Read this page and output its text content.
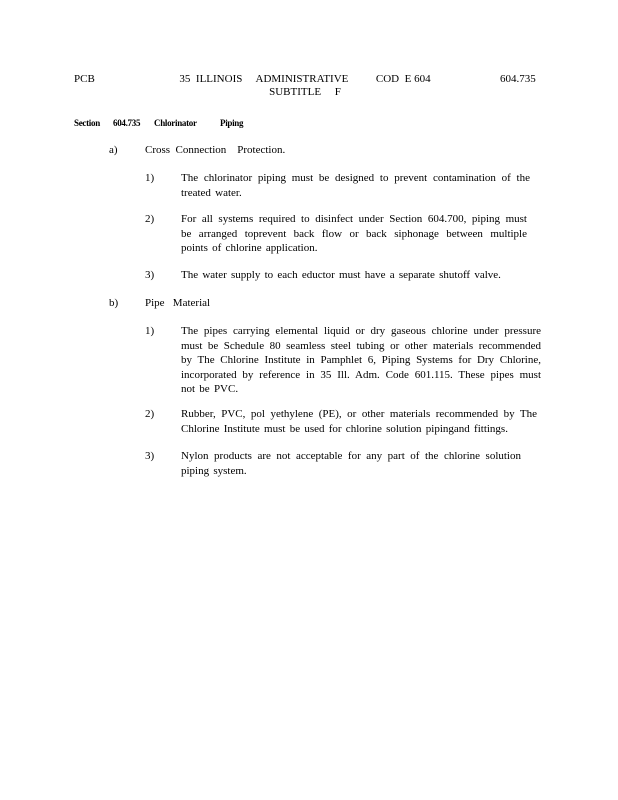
PCB	35  ILLINOIS     ADMINISTRATIVE          COD  E 604
SUBTITLE     F
604.735
Section 604.735 Chlorinator	Piping
a) Cross  Connection    Protection.
1) The chlorinator piping must be designed to prevent contamination of the treated water.
2) For all systems required to disinfect under Section 604.700, piping must be arranged toprevent back flow or back siphonage between multiple points of chlorine application.
3) The water supply to each eductor must have a separate shutoff valve.
b) Pipe   Material
1) The pipes carrying elemental liquid or dry gaseous chlorine under pressure must be Schedule 80 seamless steel tubing or other materials recommended by The Chlorine Institute in Pamphlet 6, Piping Systems for Dry Chlorine, incorporated by reference in 35 Ill. Adm. Code 601.115. These pipes must not be PVC.
2) Rubber, PVC, pol yethylene (PE), or other materials recommended by The Chlorine Institute must be used for chlorine solution pipingand fittings.
3) Nylon products are not acceptable for any part of the chlorine solution piping system.
